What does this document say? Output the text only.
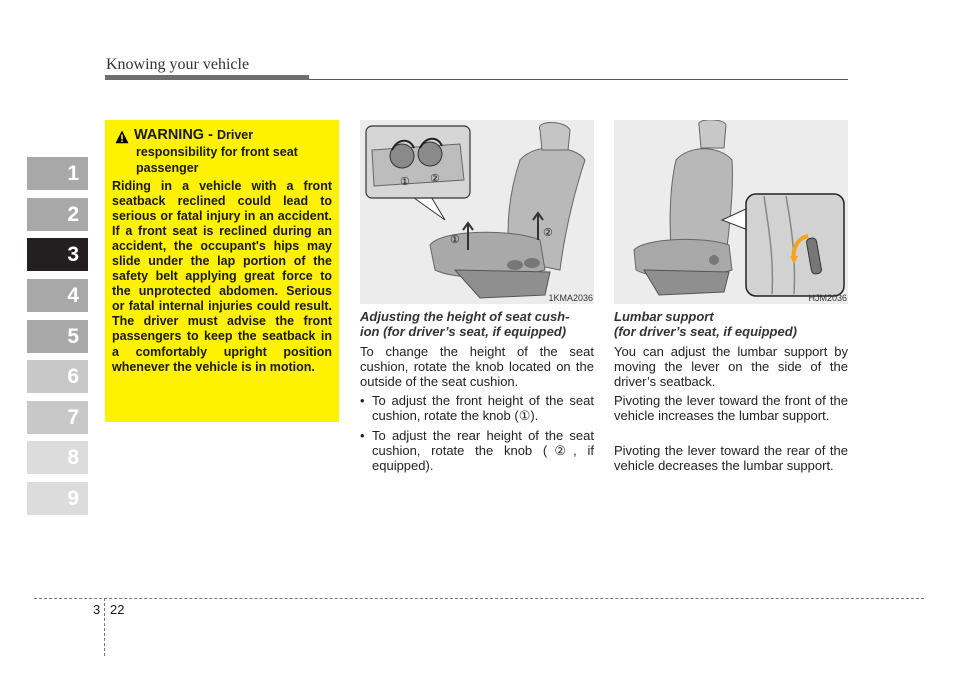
Knowing your vehicle
1
2
3
4
5
6
7
8
9
WARNING - Driver
responsibility for front seat passenger
Riding in a vehicle with a front seatback reclined could lead to serious or fatal injury in an accident. If a front seat is reclined during an accident, the occupant's hips may slide under the lap portion of the safety belt applying great force to the unprotected abdomen. Serious or fatal internal injuries could result. The driver must advise the front passengers to keep the seatback in a comfortably upright position whenever the vehicle is in motion.
① ②
①
②
1KMA2036	HJM2036
Adjusting the height of seat cush-
ion (for driver’s seat, if equipped)
To change the height of the seat cushion, rotate the knob located on the outside of the seat cushion.
• To adjust the front height of the seat cushion, rotate the knob (①).
• To adjust the rear height of the seat cushion, rotate the knob (②, if equipped).
Lumbar support
(for driver’s seat, if equipped)
You can adjust the lumbar support by moving the lever on the side of the driver’s seatback.
Pivoting the lever toward the front of the vehicle increases the lumbar support.
Pivoting the lever toward the rear of the vehicle decreases the lumbar support.
3 22
